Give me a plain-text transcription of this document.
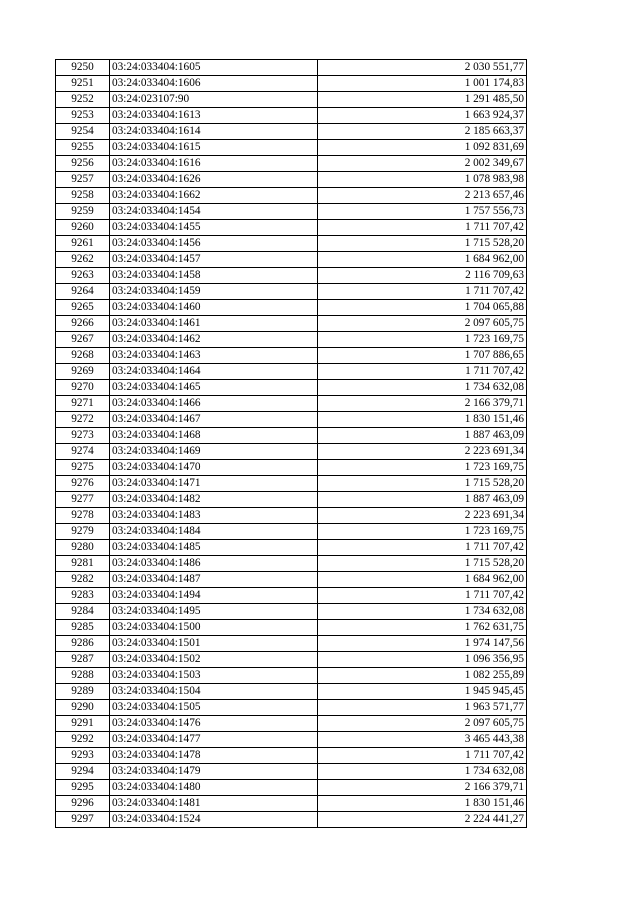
9250	03:24:033404:1605	2 030 551,77
9251	03:24:033404:1606	1 001 174,83
9252	03:24:023107:90	1 291 485,50
9253	03:24:033404:1613	1 663 924,37
9254	03:24:033404:1614	2 185 663,37
9255	03:24:033404:1615	1 092 831,69
9256	03:24:033404:1616	2 002 349,67
9257	03:24:033404:1626	1 078 983,98
9258	03:24:033404:1662	2 213 657,46
9259	03:24:033404:1454	1 757 556,73
9260	03:24:033404:1455	1 711 707,42
9261	03:24:033404:1456	1 715 528,20
9262	03:24:033404:1457	1 684 962,00
9263	03:24:033404:1458	2 116 709,63
9264	03:24:033404:1459	1 711 707,42
9265	03:24:033404:1460	1 704 065,88
9266	03:24:033404:1461	2 097 605,75
9267	03:24:033404:1462	1 723 169,75
9268	03:24:033404:1463	1 707 886,65
9269	03:24:033404:1464	1 711 707,42
9270	03:24:033404:1465	1 734 632,08
9271	03:24:033404:1466	2 166 379,71
9272	03:24:033404:1467	1 830 151,46
9273	03:24:033404:1468	1 887 463,09
9274	03:24:033404:1469	2 223 691,34
9275	03:24:033404:1470	1 723 169,75
9276	03:24:033404:1471	1 715 528,20
9277	03:24:033404:1482	1 887 463,09
9278	03:24:033404:1483	2 223 691,34
9279	03:24:033404:1484	1 723 169,75
9280	03:24:033404:1485	1 711 707,42
9281	03:24:033404:1486	1 715 528,20
9282	03:24:033404:1487	1 684 962,00
9283	03:24:033404:1494	1 711 707,42
9284	03:24:033404:1495	1 734 632,08
9285	03:24:033404:1500	1 762 631,75
9286	03:24:033404:1501	1 974 147,56
9287	03:24:033404:1502	1 096 356,95
9288	03:24:033404:1503	1 082 255,89
9289	03:24:033404:1504	1 945 945,45
9290	03:24:033404:1505	1 963 571,77
9291	03:24:033404:1476	2 097 605,75
9292	03:24:033404:1477	3 465 443,38
9293	03:24:033404:1478	1 711 707,42
9294	03:24:033404:1479	1 734 632,08
9295	03:24:033404:1480	2 166 379,71
9296	03:24:033404:1481	1 830 151,46
9297	03:24:033404:1524	2 224 441,27
